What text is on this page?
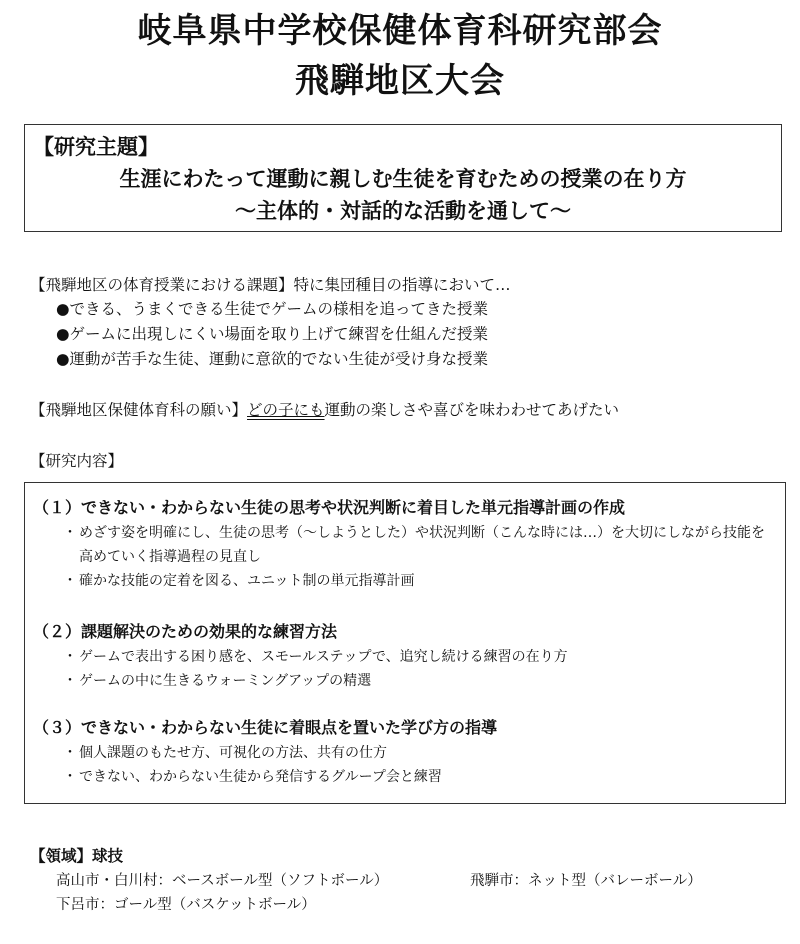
岐阜県中学校保健体育科研究部会
飛騨地区大会
【研究主題】
生涯にわたって運動に親しむ生徒を育むための授業の在り方
〜主体的・対話的な活動を通して〜
【飛騨地区の体育授業における課題】特に集団種目の指導において…
●できる、うまくできる生徒でゲームの様相を追ってきた授業
●ゲームに出現しにくい場面を取り上げて練習を仕組んだ授業
●運動が苦手な生徒、運動に意欲的でない生徒が受け身な授業
【飛騨地区保健体育科の願い】どの子にも運動の楽しさや喜びを味わわせてあげたい
【研究内容】
（１）できない・わからない生徒の思考や状況判断に着目した単元指導計画の作成
・ めざす姿を明確にし、生徒の思考（〜しようとした）や状況判断（こんな時には…）を大切にしながら技能を高めていく指導過程の見直し
・ 確かな技能の定着を図る、ユニット制の単元指導計画
（２）課題解決のための効果的な練習方法
・ ゲームで表出する困り感を、スモールステップで、追究し続ける練習の在り方
・ ゲームの中に生きるウォーミングアップの精選
（３）できない・わからない生徒に着眼点を置いた学び方の指導
・ 個人課題のもたせ方、可視化の方法、共有の仕方
・ できない、わからない生徒から発信するグループ会と練習
【領域】球技
高山市・白川村：ベースボール型（ソフトボール）	飛騨市：ネット型（バレーボール）
下呂市：ゴール型（バスケットボール）
